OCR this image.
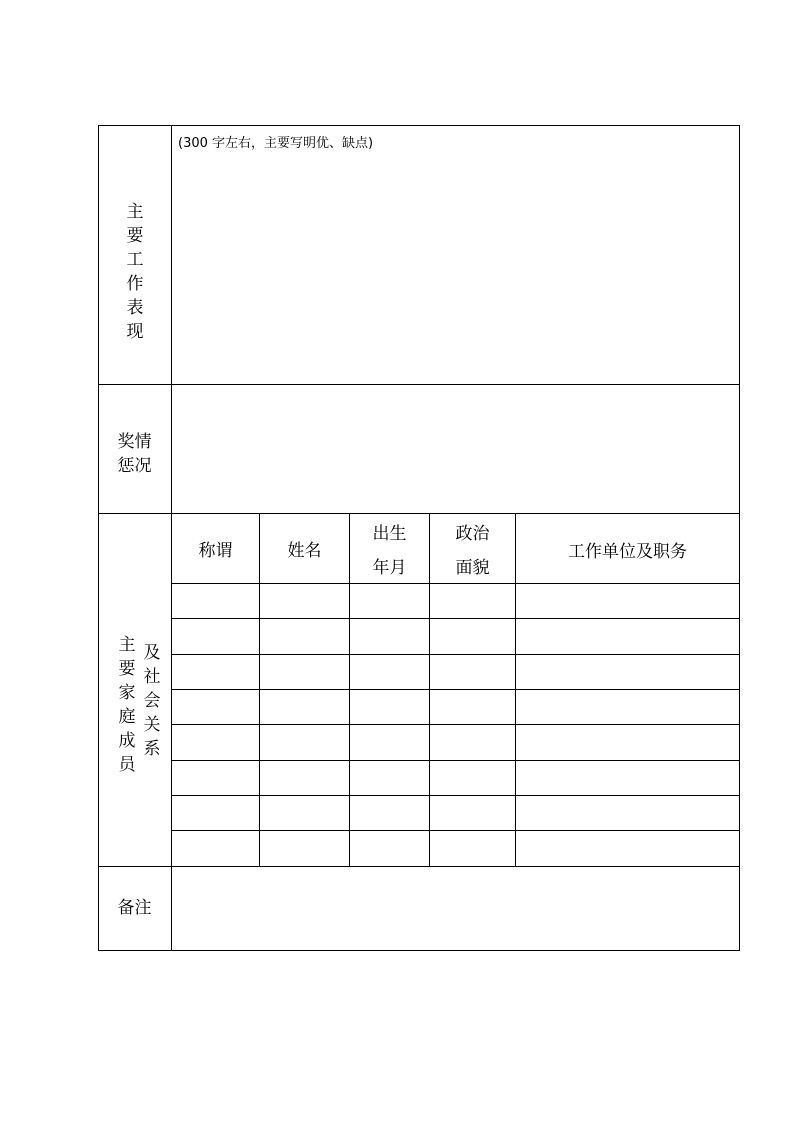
主要工作表现
(300 字左右，主要写明优、缺点)
奖情
惩况
主要家庭成员
及社会关系
称谓	姓名
出生
年月
政治
面貌
工作单位及职务
备注
